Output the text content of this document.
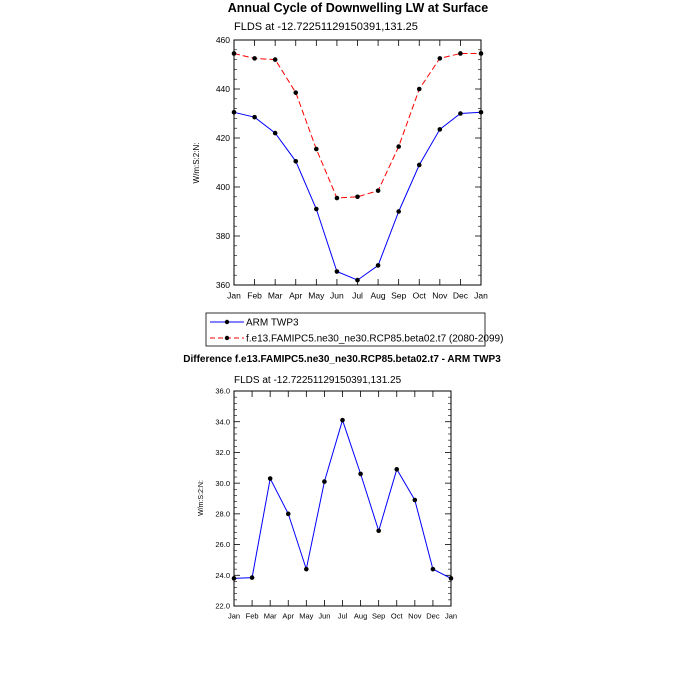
Annual Cycle of Downwelling LW at Surface
FLDS at -12.72251129150391,131.25
W/m:S:2:N:
360
380
400
420
440
460
Jan Feb Mar Apr May Jun Jul Aug Sep Oct Nov Dec Jan
ARM TWP3
f.e13.FAMIPC5.ne30_ne30.RCP85.beta02.t7 (2080-2099)
Difference f.e13.FAMIPC5.ne30_ne30.RCP85.beta02.t7 - ARM TWP3
FLDS at -12.72251129150391,131.25
W/m:S:2:N:
22.0
24.0
26.0
28.0
30.0
32.0
34.0
36.0
Jan Feb Mar Apr May Jun Jul Aug Sep Oct Nov Dec Jan
